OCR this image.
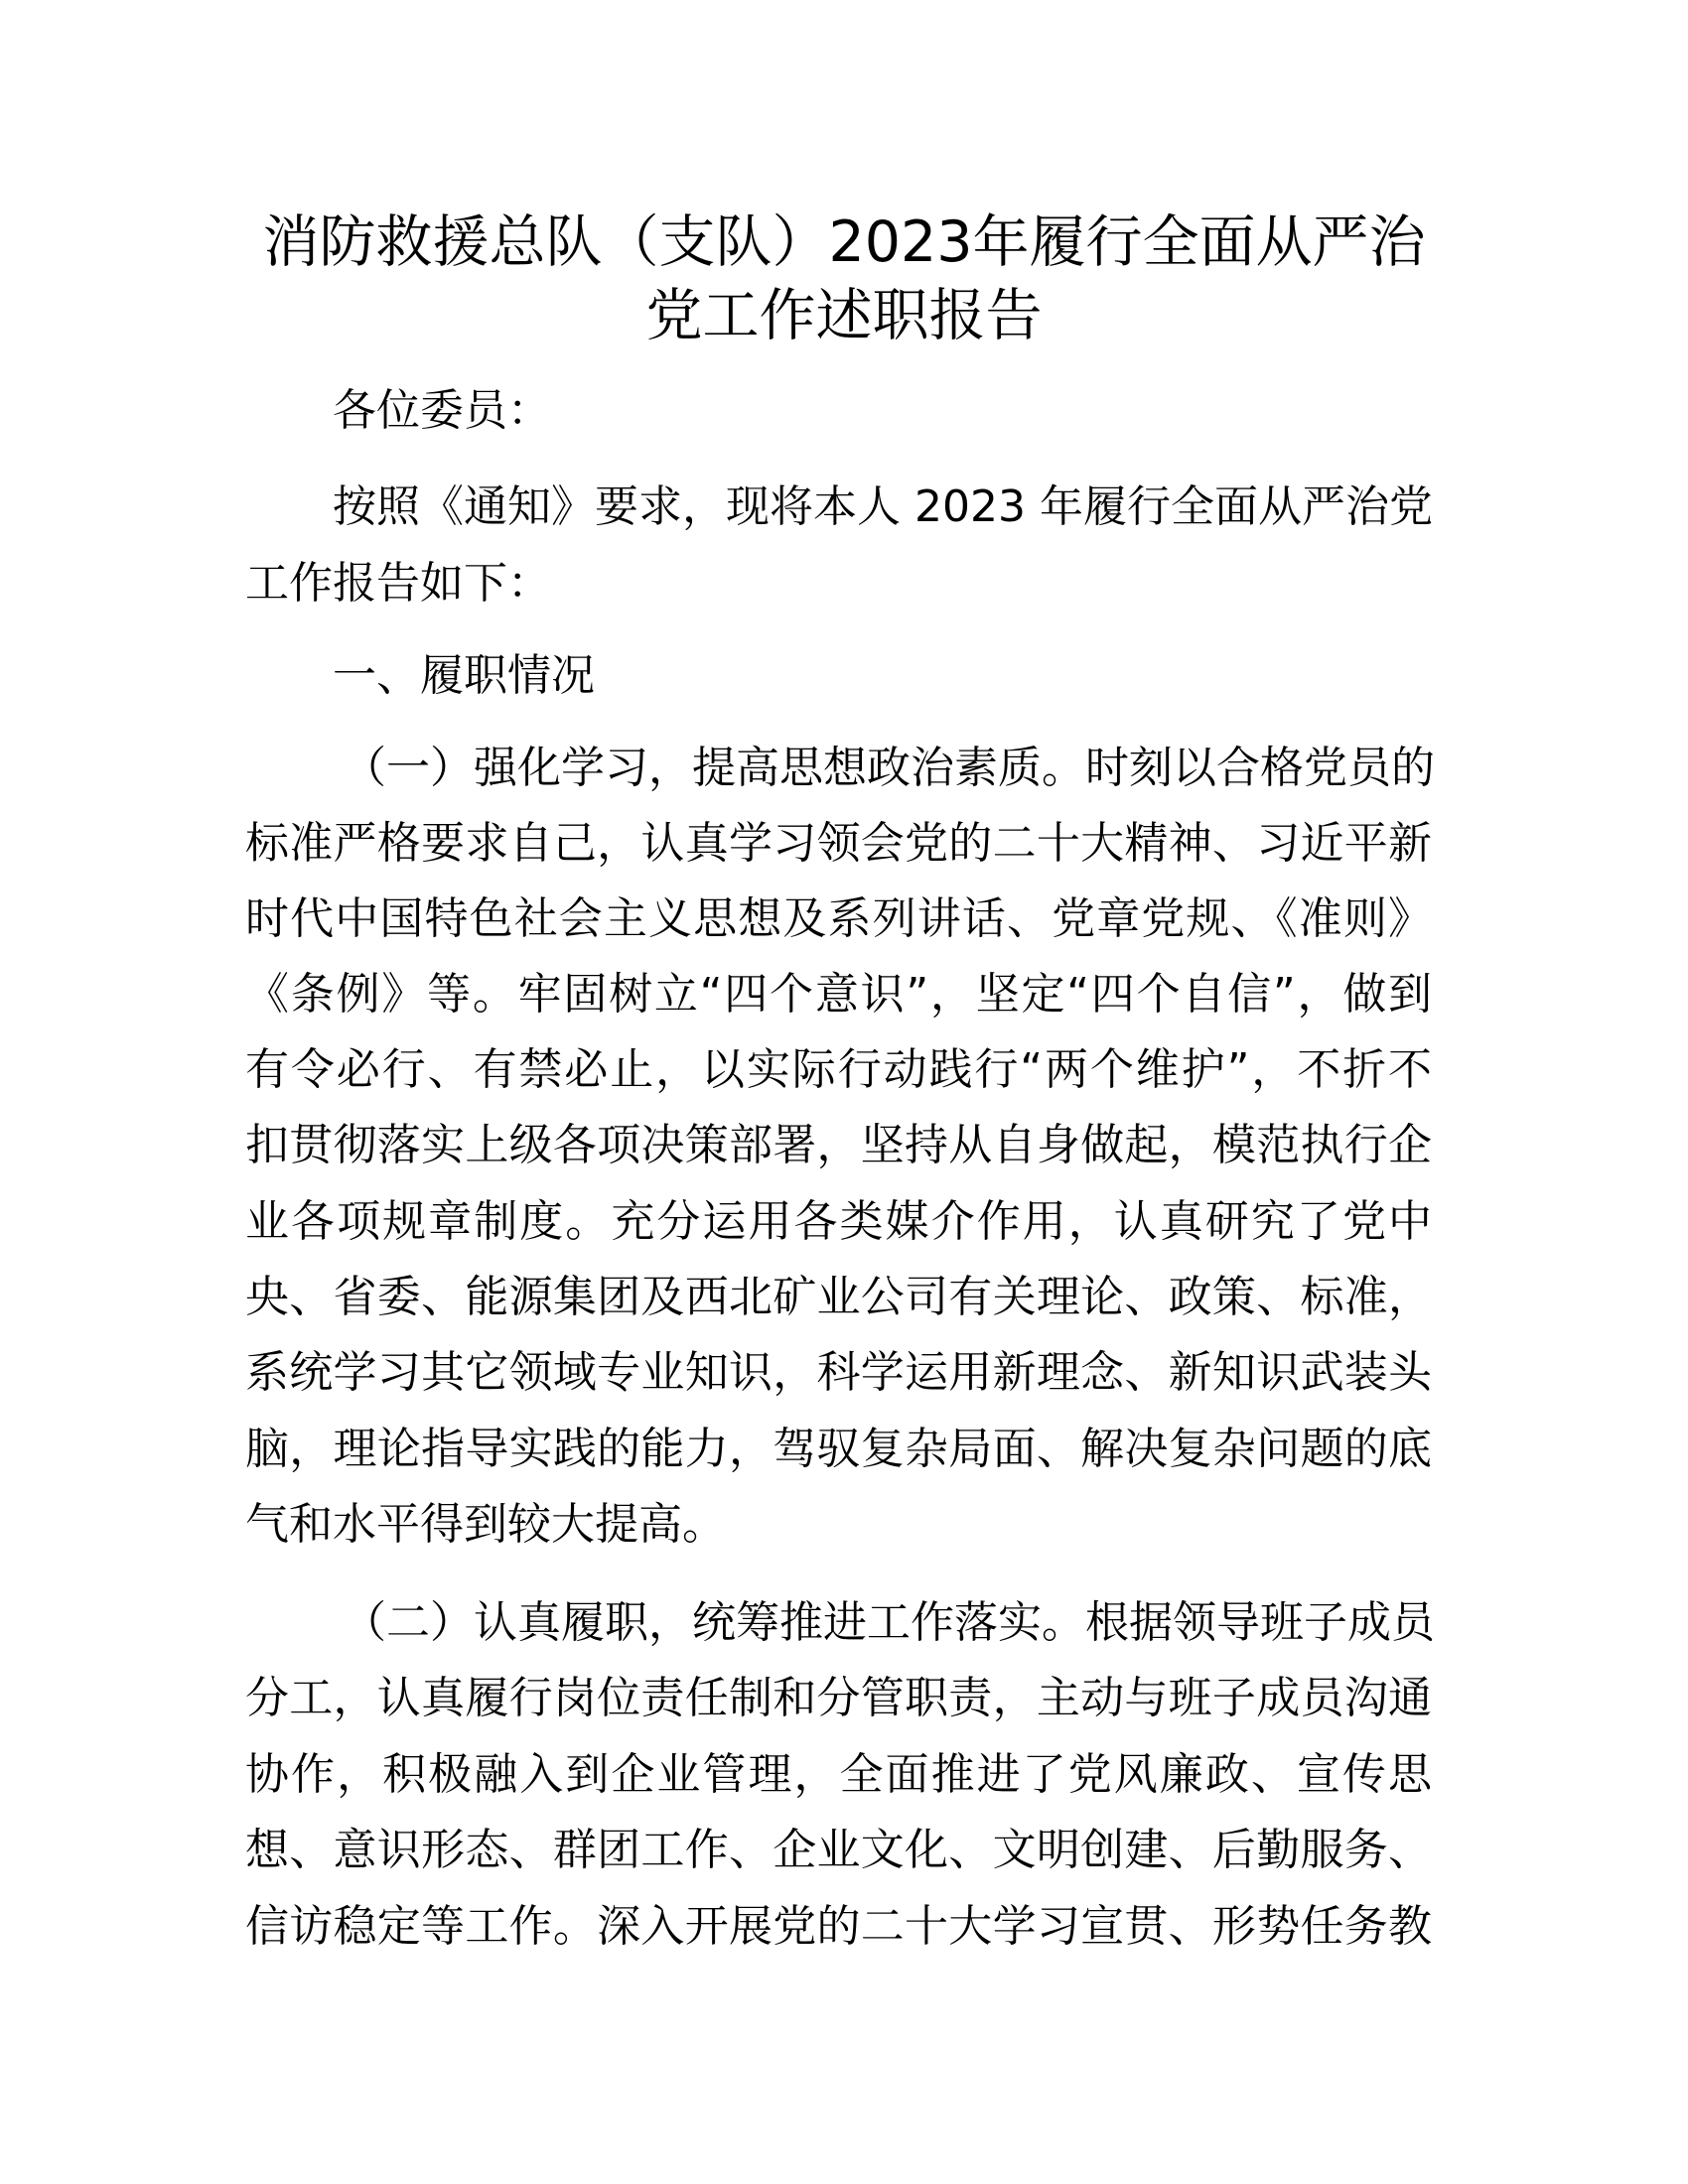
消防救援总队（支队）2023年履行全面从严治
党工作述职报告
各位委员：
按照《通知》要求，现将本人 2023 年履行全面从严治党
工作报告如下：
一、履职情况
（一）强化学习，提高思想政治素质。时刻以合格党员的
标准严格要求自己，认真学习领会党的二十大精神、习近平新
时代中国特色社会主义思想及系列讲话、党章党规、《准则》
《条例》等。牢固树立“四个意识”，坚定“四个自信”，做到
有令必行、有禁必止，以实际行动践行“两个维护”，不折不
扣贯彻落实上级各项决策部署，坚持从自身做起，模范执行企
业各项规章制度。充分运用各类媒介作用，认真研究了党中
央、省委、能源集团及西北矿业公司有关理论、政策、标准，
系统学习其它领域专业知识，科学运用新理念、新知识武装头
脑，理论指导实践的能力，驾驭复杂局面、解决复杂问题的底
气和水平得到较大提高。
（二）认真履职，统筹推进工作落实。根据领导班子成员
分工，认真履行岗位责任制和分管职责，主动与班子成员沟通
协作，积极融入到企业管理，全面推进了党风廉政、宣传思
想、意识形态、群团工作、企业文化、文明创建、后勤服务、
信访稳定等工作。深入开展党的二十大学习宣贯、形势任务教
